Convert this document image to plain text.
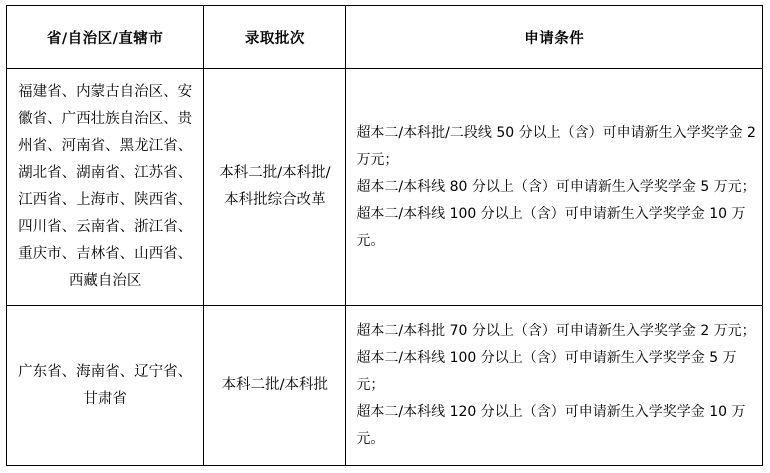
省/自治区/直辖市	录取批次	申请条件
福建省、内蒙古自治区、安徽省、广西壮族自治区、贵州省、河南省、黑龙江省、湖北省、湖南省、江苏省、江西省、上海市、陕西省、四川省、云南省、浙江省、重庆市、吉林省、山西省、西藏自治区	本科二批/本科批/本科批综合改革	超本二/本科批/二段线 50 分以上（含）可申请新生入学奖学金 2 万元；

超本二/本科线 80 分以上（含）可申请新生入学奖学金 5 万元；

超本二/本科线 100 分以上（含）可申请新生入学奖学金 10 万元。

广东省、海南省、辽宁省、甘肃省	本科二批/本科批	超本二/本科批 70 分以上（含）可申请新生入学奖学金 2 万元；

超本二/本科线 100 分以上（含）可申请新生入学奖学金 5 万元；

超本二/本科线 120 分以上（含）可申请新生入学奖学金 10 万元。
